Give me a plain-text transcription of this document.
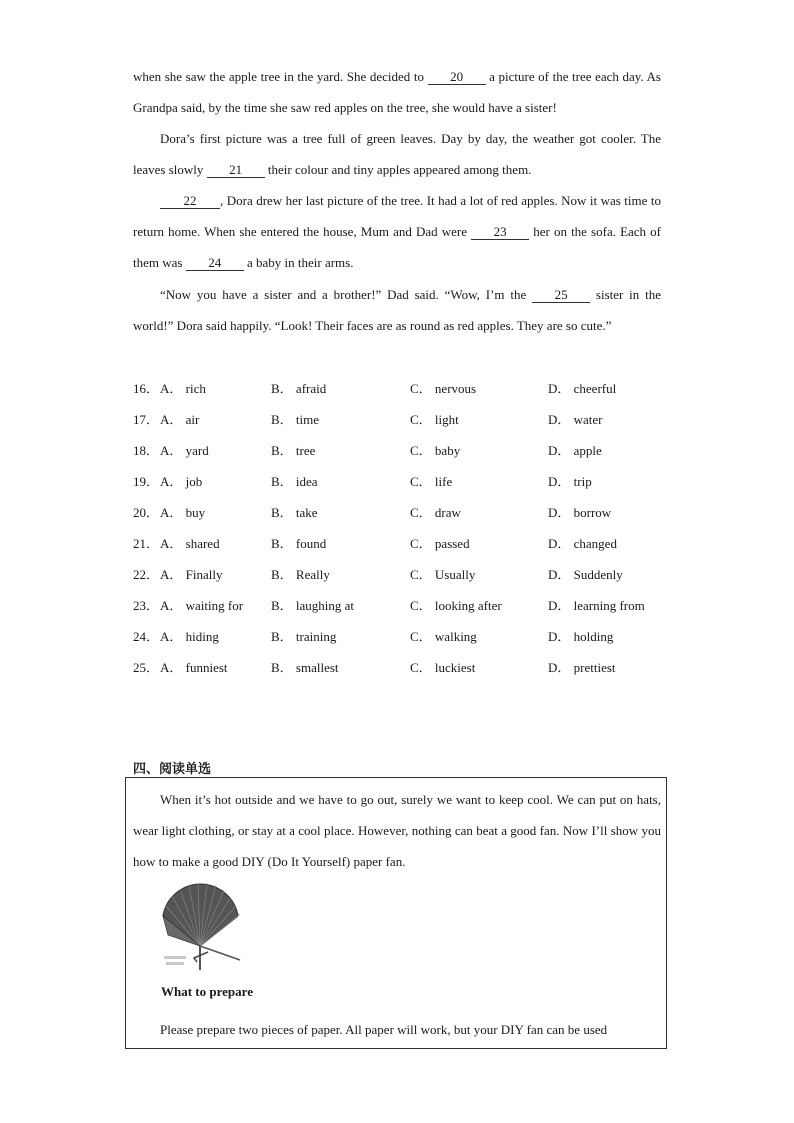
when she saw the apple tree in the yard. She decided to 20 a picture of the tree each day. As Grandpa said, by the time she saw red apples on the tree, she would have a sister!

Dora’s first picture was a tree full of green leaves. Day by day, the weather got cooler. The leaves slowly 21 their colour and tiny apples appeared among them.

22 , Dora drew her last picture of the tree. It had a lot of red apples. Now it was time to return home. When she entered the house, Mum and Dad were 23 her on the sofa. Each of them was 24 a baby in their arms.

“Now you have a sister and a brother!” Dad said. “Wow, I’m the 25 sister in the world!” Dora said happily. “Look! Their faces are as round as red apples. They are so cute.”

16． A． rich	B． afraid	C． nervous	D． cheerful
17． A． air	B． time	C． light	D． water
18． A． yard	B． tree	C． baby	D． apple
19． A． job	B． idea	C． life	D． trip
20． A． buy	B． take	C． draw	D． borrow
21． A． shared	B． found	C． passed	D． changed
22． A． Finally	B． Really	C． Usually	D． Suddenly
23． A． waiting for B． laughing at	C． looking after	D． learning from
24． A． hiding	B． training	C． walking	D． holding
25． A． funniest	B． smallest	C． luckiest	D． prettiest

四、阅读单选

When it’s hot outside and we have to go out, surely we want to keep cool. We can put on hats, wear light clothing, or stay at a cool place. However, nothing can beat a good fan. Now I’ll show you how to make a good DIY (Do It Yourself) paper fan.

What to prepare

Please prepare two pieces of paper. All paper will work, but your DIY fan can be used
